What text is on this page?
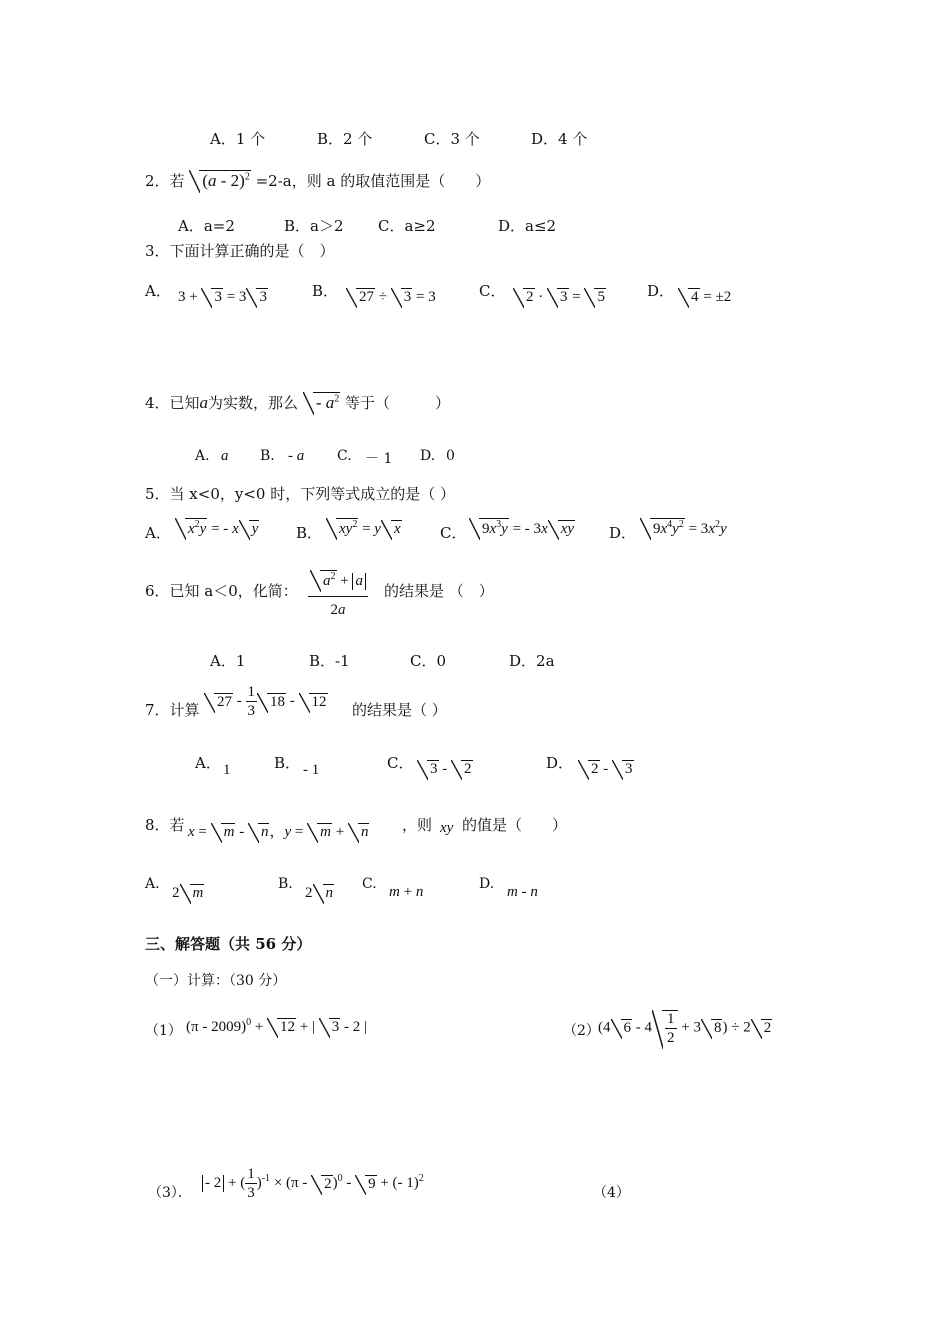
A．1 个	B．2 个	C．3 个	D．4 个
2．若 (a - 2)$^2$ =2-a，则 a 的取值范围是（　　）
A．a=2	B．a＞2 C．a≥2	D．a≤2
3．下面计算正确的是（　）
A． 3 + 3 = 3 3	B．	27 ÷ 3 = 3	C．	2 · 3 = 5	D．	4 = ±2
4．已知a为实数，那么 - $a^2$ 等于（　　　）
A. a B. - a C. － 1 D. 0
5．当 x<0，y<0 时，下列等式成立的是（ ）
A．	$x^2y$ = - x y	B．	$xy^2 = y$ x	C．	$9x^3y$ = - 3x xy D．	$9x^4y^2 = 3x^2y$
6．已知 a＜0，化简： $\frac{a^2 + a}{2a}$ 的结果是 （　）
A．1	B．-1	C．0	D．2a
7．计算	$27 - \frac{1}{3} 18 - 12$ 的结果是（ ）
A． 1	B． - 1	C．	3 - 2	D．	2 - 3
8．若 x = m - n，y = m + n ，则 xy 的值是（　　）
A.
2 m
B.
2 n
C. m + n	D. m - n
三、解答题（共 56 分）
（一）计算：（30 分）
（1） (π - 2009)$^0$ + 12 + | 3 - 2 |	（2）
(4 $6 - 4 \frac{1}{2} + 3$ 8) ÷ 2 2
（3）．
- 2 + ( $\frac{1}{3} )^{-1} \times (\pi - 2)^0 - 9$ + (- 1)$^2$
（4）
